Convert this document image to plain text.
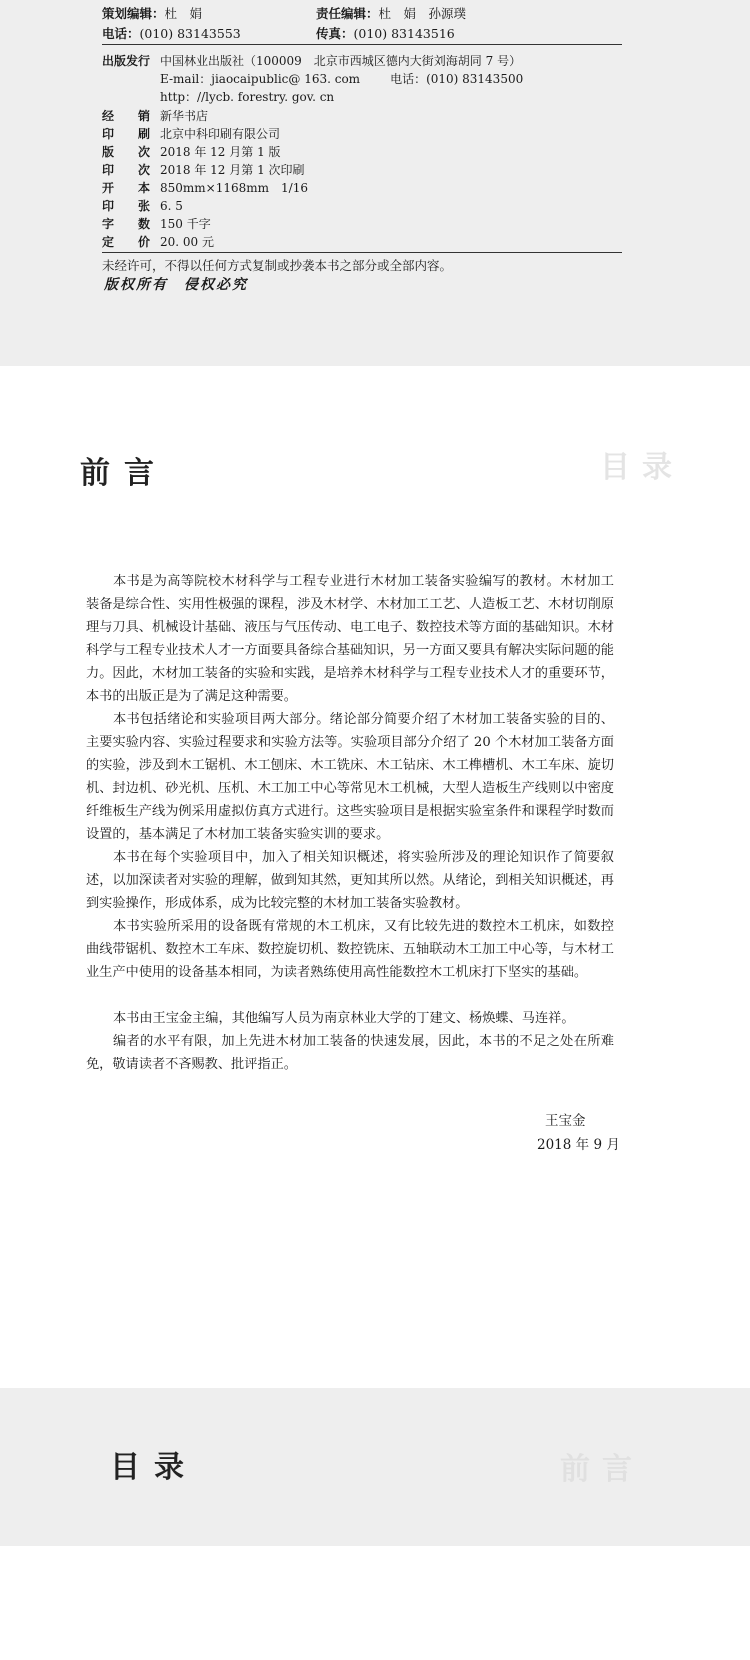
策划编辑：杜　娟	责任编辑：杜　娟　孙源璞
电话：(010) 83143553	传真：(010) 83143516
出版发行 中国林业出版社（100009　北京市西城区德内大街刘海胡同 7 号）
E-mail：jiaocaipublic@ 163. com	电话：(010) 83143500
http：//lycb. forestry. gov. cn
经　　销 新华书店
印　　刷 北京中科印刷有限公司
版　　次 2018 年 12 月第 1 版
印　　次 2018 年 12 月第 1 次印刷
开　　本 850mm×1168mm　1/16
印　　张 6. 5
字　　数 150 千字
定　　价 20. 00 元
未经许可，不得以任何方式复制或抄袭本书之部分或全部内容。
版权所有　侵权必究
目录
前言

本书是为高等院校木材科学与工程专业进行木材加工装备实验编写的教材。木材加工装备是综合性、实用性极强的课程，涉及木材学、木材加工工艺、人造板工艺、木材切削原理与刀具、机械设计基础、液压与气压传动、电工电子、数控技术等方面的基础知识。木材科学与工程专业技术人才一方面要具备综合基础知识，另一方面又要具有解决实际问题的能力。因此，木材加工装备的实验和实践，是培养木材科学与工程专业技术人才的重要环节，本书的出版正是为了满足这种需要。

本书包括绪论和实验项目两大部分。绪论部分简要介绍了木材加工装备实验的目的、主要实验内容、实验过程要求和实验方法等。实验项目部分介绍了 20 个木材加工装备方面的实验，涉及到木工锯机、木工刨床、木工铣床、木工钻床、木工榫槽机、木工车床、旋切机、封边机、砂光机、压机、木工加工中心等常见木工机械，大型人造板生产线则以中密度纤维板生产线为例采用虚拟仿真方式进行。这些实验项目是根据实验室条件和课程学时数而设置的，基本满足了木材加工装备实验实训的要求。

本书在每个实验项目中，加入了相关知识概述，将实验所涉及的理论知识作了简要叙述，以加深读者对实验的理解，做到知其然，更知其所以然。从绪论，到相关知识概述，再到实验操作，形成体系，成为比较完整的木材加工装备实验教材。

本书实验所采用的设备既有常规的木工机床，又有比较先进的数控木工机床，如数控曲线带锯机、数控木工车床、数控旋切机、数控铣床、五轴联动木工加工中心等，与木材工业生产中使用的设备基本相同，为读者熟练使用高性能数控木工机床打下坚实的基础。

本书由王宝金主编，其他编写人员为南京林业大学的丁建文、杨焕蝶、马连祥。

编者的水平有限，加上先进木材加工装备的快速发展，因此，本书的不足之处在所难免，敬请读者不吝赐教、批评指正。

王宝金
2018 年 9 月
前言
目录
